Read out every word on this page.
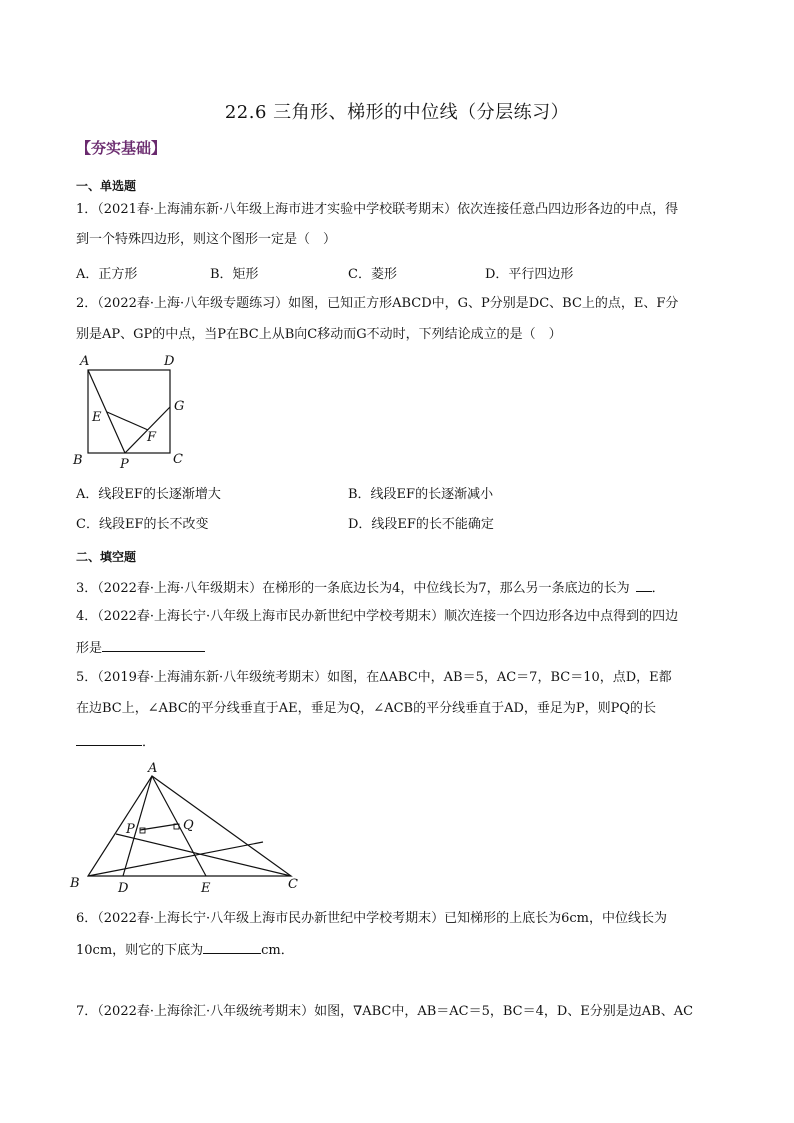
22.6 三角形、梯形的中位线（分层练习）
【夯实基础】
一、单选题
1．（2021春·上海浦东新·八年级上海市进才实验中学校联考期末）依次连接任意凸四边形各边的中点，得
到一个特殊四边形，则这个图形一定是（　）
A．正方形	B．矩形	C．菱形	D．平行四边形
2．（2022春·上海·八年级专题练习）如图，已知正方形ABCD中，G、P分别是DC、BC上的点，E、F分
别是AP、GP的中点，当P在BC上从B向C移动而G不动时，下列结论成立的是（　）
A	D
G
E
F
B	P	C
A．线段EF的长逐渐增大	B．线段EF的长逐渐减小
C．线段EF的长不改变	D．线段EF的长不能确定
二、填空题
3．（2022春·上海·八年级期末）在梯形的一条底边长为4，中位线长为7，那么另一条底边的长为 ．
4．（2022春·上海长宁·八年级上海市民办新世纪中学校考期末）顺次连接一个四边形各边中点得到的四边
形是
5．（2019春·上海浦东新·八年级统考期末）如图，在ΔABC中，AB＝5，AC＝7，BC＝10，点D，E都
在边BC上，∠ABC的平分线垂直于AE，垂足为Q，∠ACB的平分线垂直于AD，垂足为P，则PQ的长
．
A
P	Q
B	D	E	C
6．（2022春·上海长宁·八年级上海市民办新世纪中学校考期末）已知梯形的上底长为6cm，中位线长为
10cm，则它的下底为	cm．
7．（2022春·上海徐汇·八年级统考期末）如图，∇ABC中，AB＝AC＝5，BC＝4，D、E分别是边AB、AC
